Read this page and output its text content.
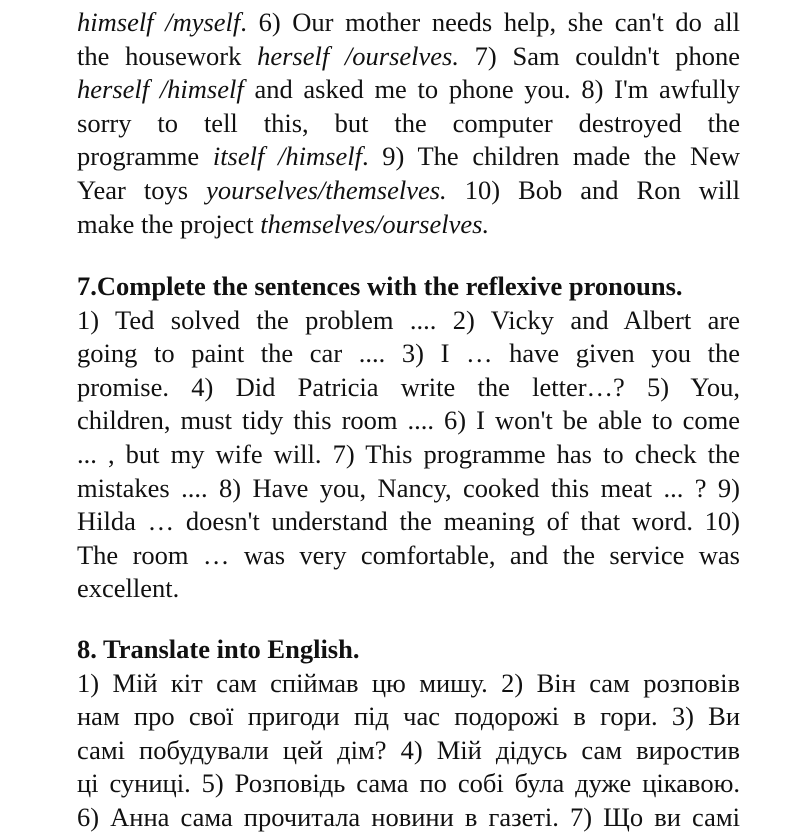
himself /myself. 6) Our mother needs help, she can't do all
the housework herself /ourselves. 7) Sam couldn't phone
herself /himself and asked me to phone you. 8) I'm awfully
sorry to tell this, but the computer destroyed the
programme itself /himself. 9) The children made the New
Year toys yourselves/themselves. 10) Bob and Ron will
make the project themselves/ourselves.
7.Complete the sentences with the reflexive pronouns.
1) Ted solved the problem .... 2) Vicky and Albert are
going to paint the car .... 3) I … have given you the
promise. 4) Did Patricia write the letter…? 5) You,
children, must tidy this room .... 6) I won't be able to come
... , but my wife will. 7) This programme has to check the
mistakes .... 8) Have you, Nancy, cooked this meat ... ? 9)
Hilda … doesn't understand the meaning of that word. 10)
The room … was very comfortable, and the service was
excellent.
8. Translate into English.
1) Мій кіт сам спіймав цю мишу. 2) Він сам розповів
нам про свої пригоди під час подорожі в гори. 3) Ви
самі побудували цей дім? 4) Мій дідусь сам виростив
ці суниці. 5) Розповідь сама по собі була дуже цікавою.
6) Анна сама прочитала новини в газеті. 7) Що ви самі
